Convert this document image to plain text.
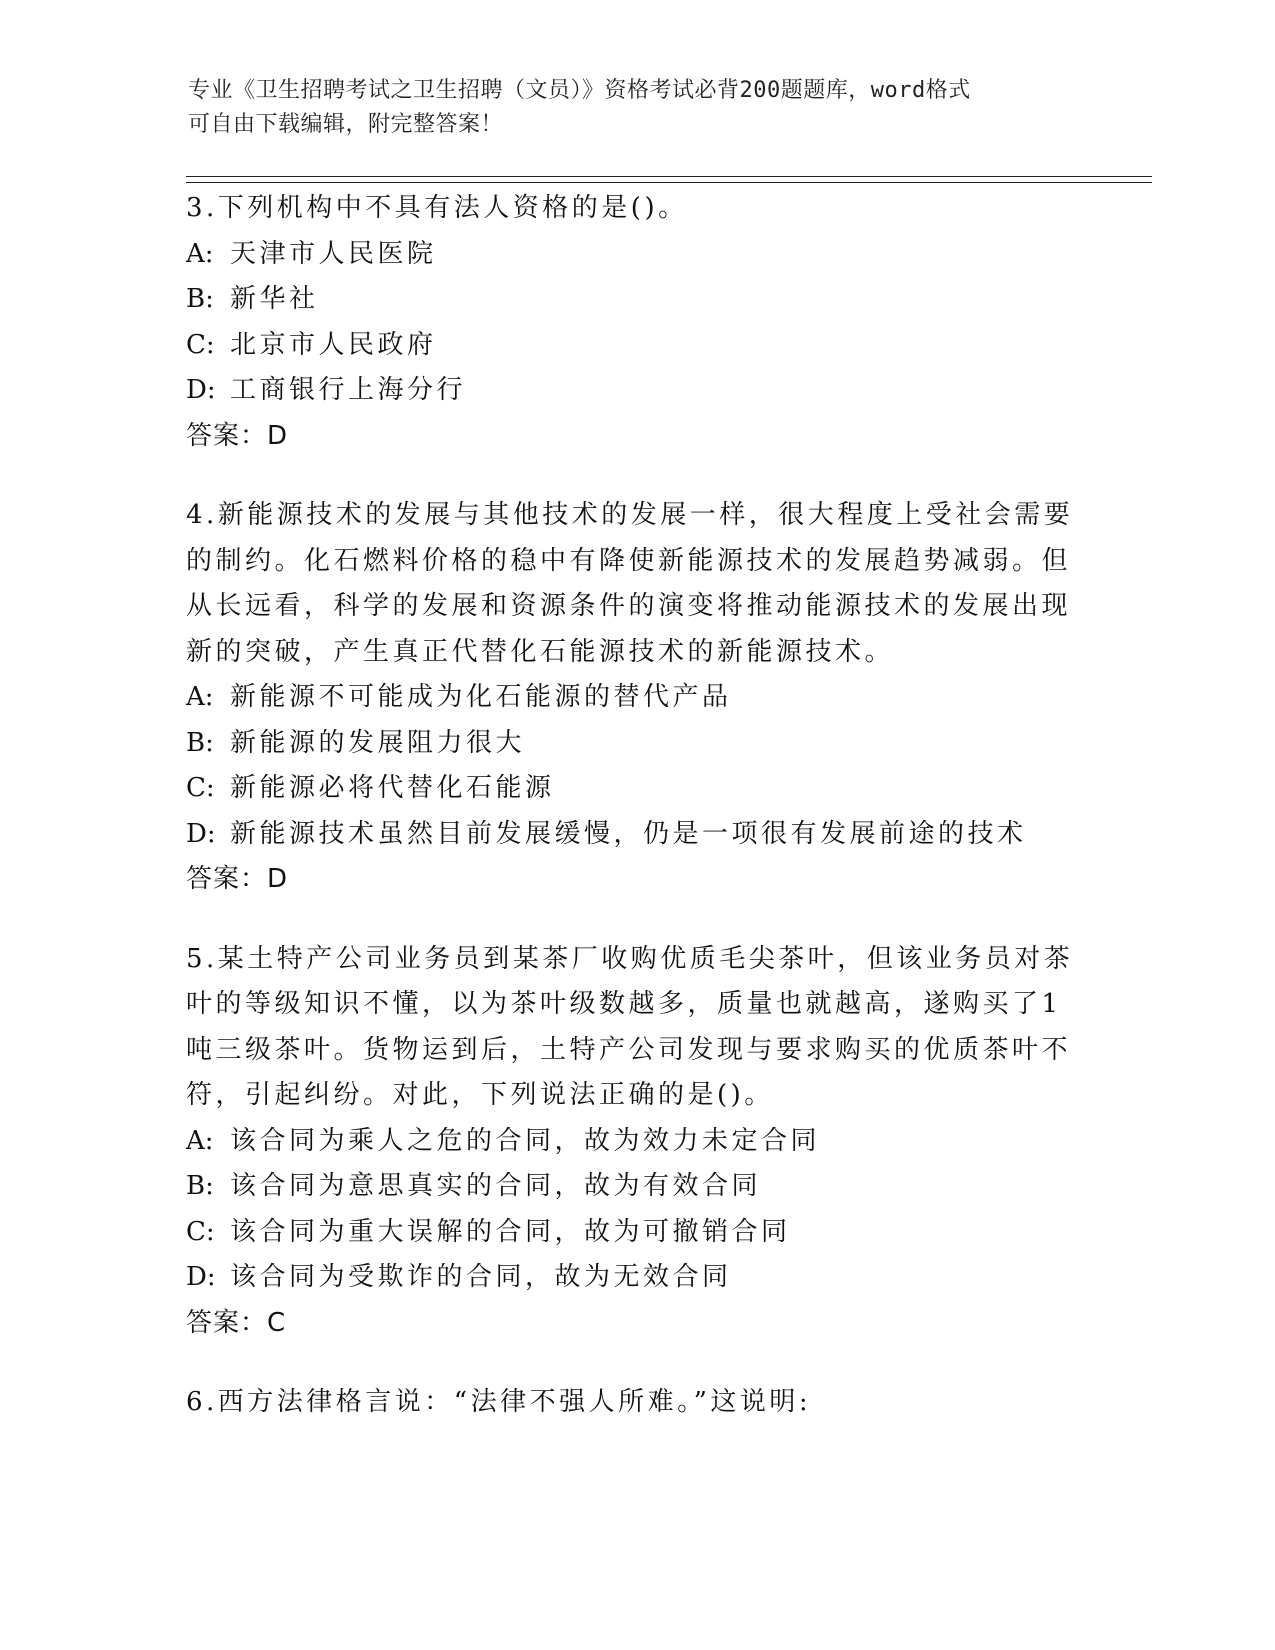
专业《卫生招聘考试之卫生招聘（文员）》资格考试必背200题题库，word格式
可自由下载编辑，附完整答案！

3.下列机构中不具有法人资格的是()。

A: 天津市人民医院

B: 新华社

C: 北京市人民政府

D: 工商银行上海分行

答案：D

4.新能源技术的发展与其他技术的发展一样，很大程度上受社会需要的制约。化石燃料价格的稳中有降使新能源技术的发展趋势减弱。但从长远看，科学的发展和资源条件的演变将推动能源技术的发展出现新的突破，产生真正代替化石能源技术的新能源技术。

A: 新能源不可能成为化石能源的替代产品

B: 新能源的发展阻力很大

C: 新能源必将代替化石能源

D: 新能源技术虽然目前发展缓慢，仍是一项很有发展前途的技术

答案：D

5.某土特产公司业务员到某茶厂收购优质毛尖茶叶，但该业务员对茶叶的等级知识不懂，以为茶叶级数越多，质量也就越高，遂购买了1吨三级茶叶。货物运到后，土特产公司发现与要求购买的优质茶叶不符，引起纠纷。对此，下列说法正确的是()。

A: 该合同为乘人之危的合同，故为效力未定合同

B: 该合同为意思真实的合同，故为有效合同

C: 该合同为重大误解的合同，故为可撤销合同

D: 该合同为受欺诈的合同，故为无效合同

答案：C

6.西方法律格言说：“法律不强人所难。”这说明:
